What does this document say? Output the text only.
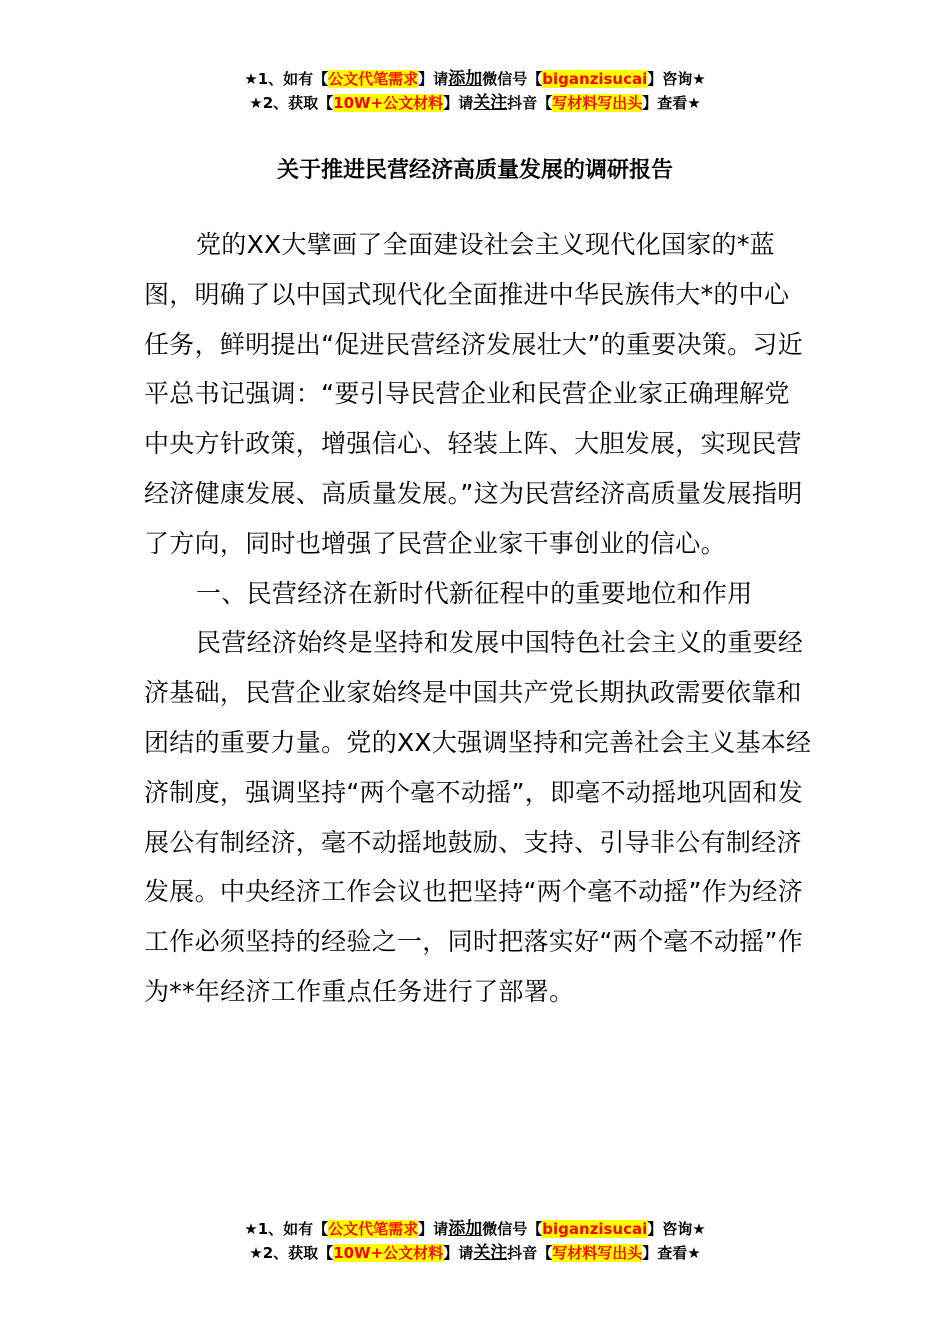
★1、如有【公文代笔需求】请添加微信号【biganzisucai】咨询★
★2、获取【10W+公文材料】请关注抖音【写材料写出头】查看★
关于推进民营经济高质量发展的调研报告

党的XX大擘画了全面建设社会主义现代化国家的*蓝图，明确了以中国式现代化全面推进中华民族伟大*的中心任务，鲜明提出“促进民营经济发展壮大”的重要决策。习近平总书记强调：“要引导民营企业和民营企业家正确理解党中央方针政策，增强信心、轻装上阵、大胆发展，实现民营经济健康发展、高质量发展。”这为民营经济高质量发展指明了方向，同时也增强了民营企业家干事创业的信心。

一、民营经济在新时代新征程中的重要地位和作用

民营经济始终是坚持和发展中国特色社会主义的重要经济基础，民营企业家始终是中国共产党长期执政需要依靠和团结的重要力量。党的XX大强调坚持和完善社会主义基本经济制度，强调坚持“两个毫不动摇”，即毫不动摇地巩固和发展公有制经济，毫不动摇地鼓励、支持、引导非公有制经济发展。中央经济工作会议也把坚持“两个毫不动摇”作为经济工作必须坚持的经验之一，同时把落实好“两个毫不动摇”作为**年经济工作重点任务进行了部署。

★1、如有【公文代笔需求】请添加微信号【biganzisucai】咨询★
★2、获取【10W+公文材料】请关注抖音【写材料写出头】查看★
